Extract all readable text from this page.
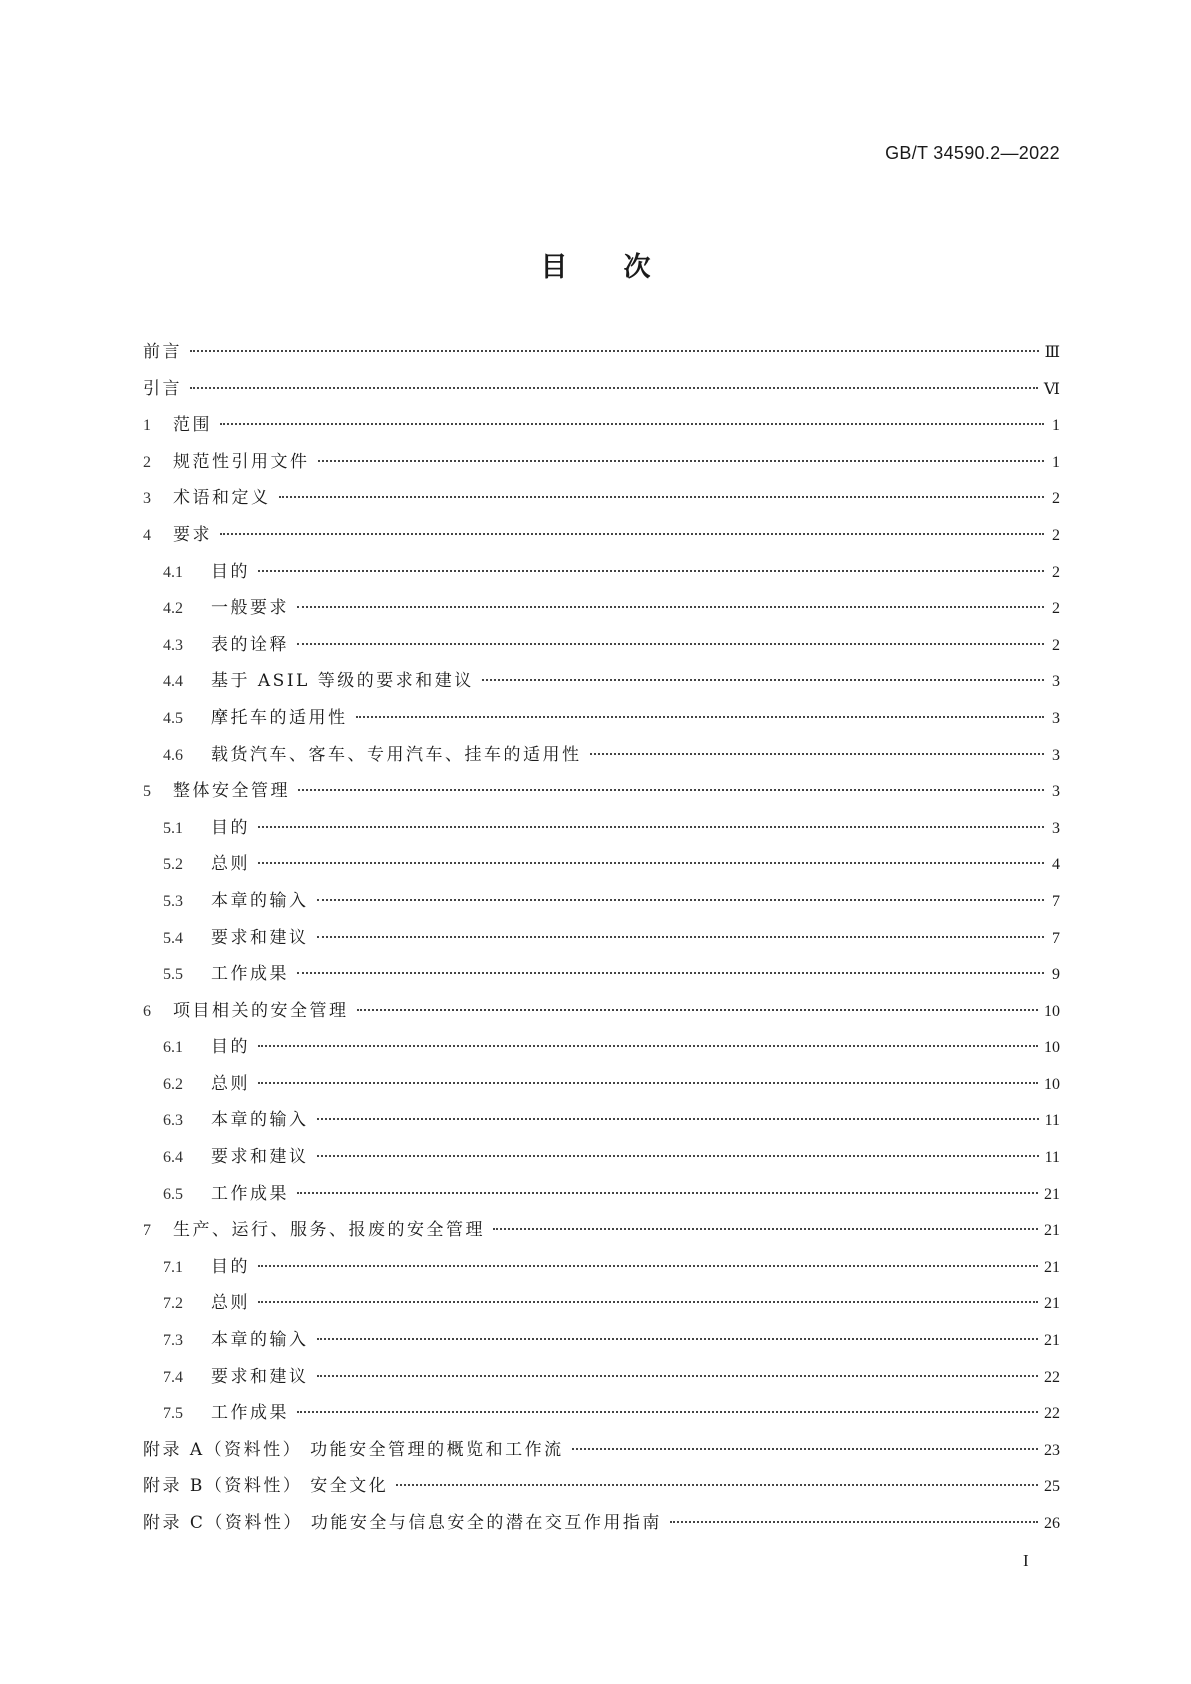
GB/T 34590.2—2022
目次
前言	Ⅲ
引言	Ⅵ
1	范围	1
2	规范性引用文件	1
3	术语和定义	2
4	要求	2
4.1	目的	2
4.2	一般要求	2
4.3	表的诠释	2
4.4	基于 ASIL 等级的要求和建议	3
4.5	摩托车的适用性	3
4.6	载货汽车、客车、专用汽车、挂车的适用性	3
5	整体安全管理	3
5.1	目的	3
5.2	总则	4
5.3	本章的输入	7
5.4	要求和建议	7
5.5	工作成果	9
6	项目相关的安全管理	10
6.1	目的	10
6.2	总则	10
6.3	本章的输入	11
6.4	要求和建议	11
6.5	工作成果	21
7	生产、运行、服务、报废的安全管理	21
7.1	目的	21
7.2	总则	21
7.3	本章的输入	21
7.4	要求和建议	22
7.5	工作成果	22
附录 A（资料性） 功能安全管理的概览和工作流	23
附录 B（资料性） 安全文化	25
附录 C（资料性） 功能安全与信息安全的潜在交互作用指南	26
I
